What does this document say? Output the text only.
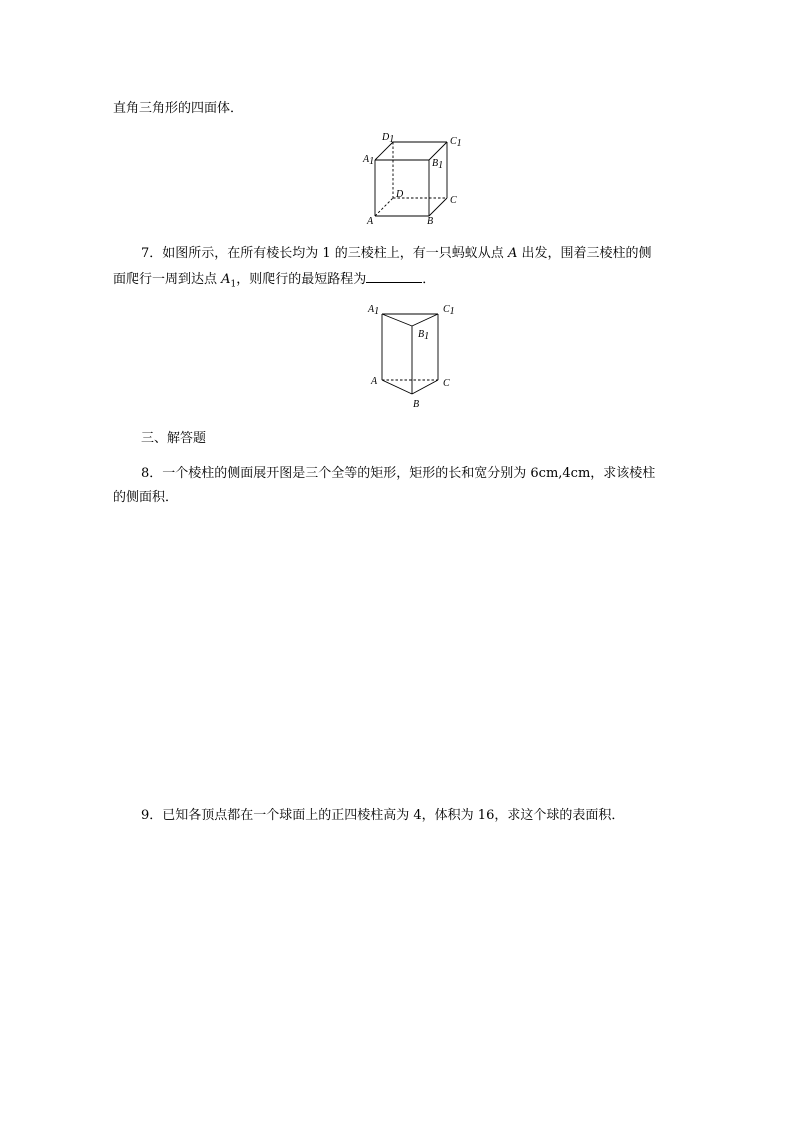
直角三角形的四面体．
D1	C1
A1	B1
D
C
A	B
7．如图所示，在所有棱长均为 1 的三棱柱上，有一只蚂蚁从点 A 出发，围着三棱柱的侧
面爬行一周到达点 $A_1$，则爬行的最短路程为	．
A1	C1
B1
A	C
B
三、解答题
8．一个棱柱的侧面展开图是三个全等的矩形，矩形的长和宽分别为 6cm,4cm，求该棱柱
的侧面积．
9．已知各顶点都在一个球面上的正四棱柱高为 4，体积为 16，求这个球的表面积．
